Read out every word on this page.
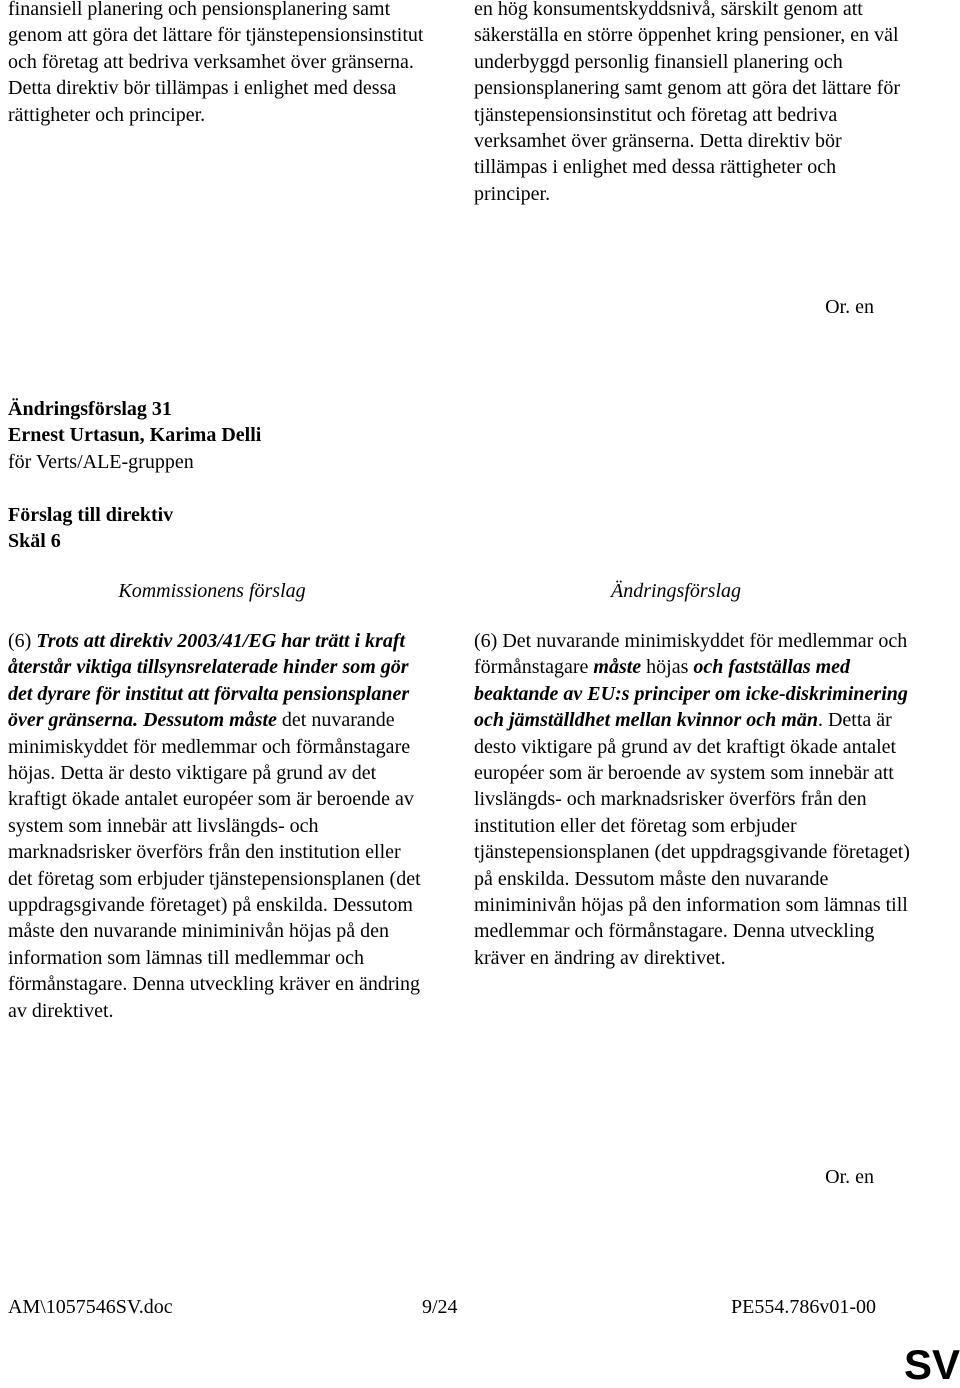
finansiell planering och pensionsplanering samt genom att göra det lättare för tjänstepensionsinstitut och företag att bedriva verksamhet över gränserna. Detta direktiv bör tillämpas i enlighet med dessa rättigheter och principer.

en hög konsumentskyddsnivå, särskilt genom att säkerställa en större öppenhet kring pensioner, en väl underbyggd personlig finansiell planering och pensionsplanering samt genom att göra det lättare för tjänstepensionsinstitut och företag att bedriva verksamhet över gränserna. Detta direktiv bör tillämpas i enlighet med dessa rättigheter och principer.

Or. en
Ändringsförslag 31
Ernest Urtasun, Karima Delli
för Verts/ALE-gruppen
Förslag till direktiv
Skäl 6
Kommissionens förslag	Ändringsförslag

(6) Trots att direktiv 2003/41/EG har trätt i kraft återstår viktiga tillsynsrelaterade hinder som gör det dyrare för institut att förvalta pensionsplaner över gränserna. Dessutom måste det nuvarande minimiskyddet för medlemmar och förmånstagare höjas. Detta är desto viktigare på grund av det kraftigt ökade antalet européer som är beroende av system som innebär att livslängds- och marknadsrisker överförs från den institution eller det företag som erbjuder tjänstepensionsplanen (det uppdragsgivande företaget) på enskilda. Dessutom måste den nuvarande miniminivån höjas på den information som lämnas till medlemmar och förmånstagare. Denna utveckling kräver en ändring av direktivet.

(6) Det nuvarande minimiskyddet för medlemmar och förmånstagare måste höjas och fastställas med beaktande av EU:s principer om icke-diskriminering och jämställdhet mellan kvinnor och män. Detta är desto viktigare på grund av det kraftigt ökade antalet européer som är beroende av system som innebär att livslängds- och marknadsrisker överförs från den institution eller det företag som erbjuder tjänstepensionsplanen (det uppdragsgivande företaget) på enskilda. Dessutom måste den nuvarande miniminivån höjas på den information som lämnas till medlemmar och förmånstagare. Denna utveckling kräver en ändring av direktivet.

Or. en
AM\1057546SV.doc	9/24	PE554.786v01-00
SV
